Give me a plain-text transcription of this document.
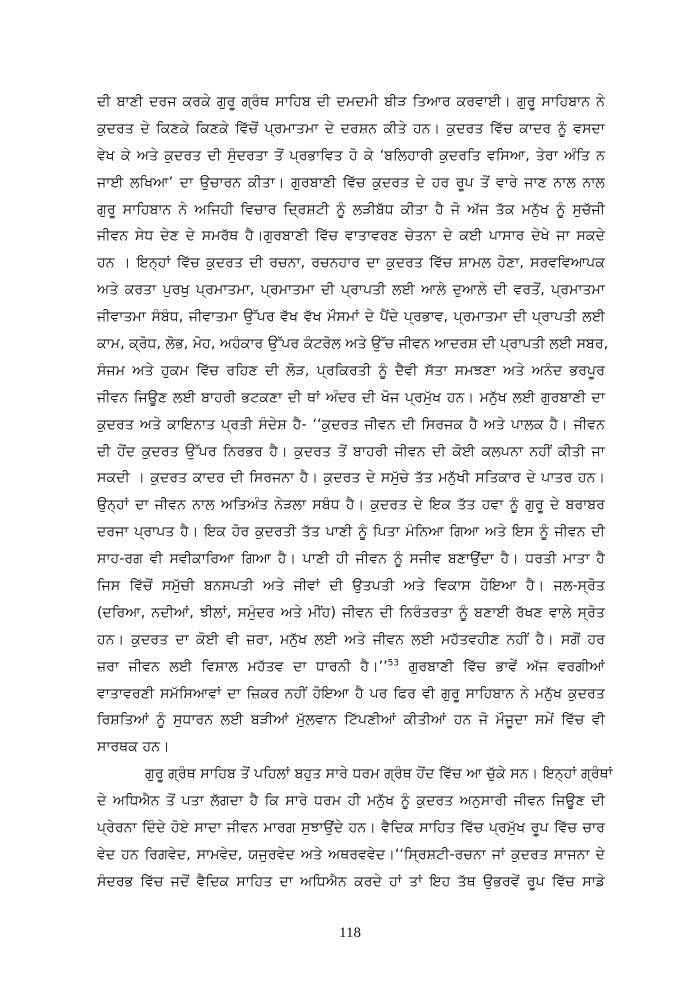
ਦੀ ਬਾਣੀ ਦਰਜ ਕਰਕੇ ਗੁਰੂ ਗ੍ਰੰਥ ਸਾਹਿਬ ਦੀ ਦਮਦਮੀ ਬੀੜ ਤਿਆਰ ਕਰਵਾਈ। ਗੁਰੂ ਸਾਹਿਬਾਨ ਨੇ
ਕੁਦਰਤ ਦੇ ਕਿਣਕੇ ਕਿਣਕੇ ਵਿੱਚੋਂ ਪ੍ਰਮਾਤਮਾ ਦੇ ਦਰਸ਼ਨ ਕੀਤੇ ਹਨ। ਕੁਦਰਤ ਵਿੱਚ ਕਾਦਰ ਨੂੰ ਵਸਦਾ
ਵੇਖ ਕੇ ਅਤੇ ਕੁਦਰਤ ਦੀ ਸੁੰਦਰਤਾ ਤੋਂ ਪ੍ਰਭਾਵਿਤ ਹੋ ਕੇ ‘ਬਲਿਹਾਰੀ ਕੁਦਰਤਿ ਵਸਿਆ, ਤੇਰਾ ਅੰਤਿ ਨ
ਜਾਈ ਲਖਿਆ’ ਦਾ ਉਚਾਰਨ ਕੀਤਾ। ਗੁਰਬਾਣੀ ਵਿੱਚ ਕੁਦਰਤ ਦੇ ਹਰ ਰੂਪ ਤੋਂ ਵਾਰੇ ਜਾਣ ਨਾਲ ਨਾਲ
ਗੁਰੂ ਸਾਹਿਬਾਨ ਨੇ ਅਜਿਹੀ ਵਿਚਾਰ ਦ੍ਰਿਸ਼ਟੀ ਨੂੰ ਲੜੀਬੱਧ ਕੀਤਾ ਹੈ ਜੋ ਅੱਜ ਤੱਕ ਮਨੁੱਖ ਨੂੰ ਸੁਚੱਜੀ
ਜੀਵਨ ਸੇਧ ਦੇਣ ਦੇ ਸਮਰੱਥ ਹੈ।ਗੁਰਬਾਣੀ ਵਿੱਚ ਵਾਤਾਵਰਣ ਚੇਤਨਾ ਦੇ ਕਈ ਪਾਸਾਰ ਦੇਖੇ ਜਾ ਸਕਦੇ
ਹਨ । ਇਨ੍ਹਾਂ ਵਿੱਚ ਕੁਦਰਤ ਦੀ ਰਚਨਾ, ਰਚਨਹਾਰ ਦਾ ਕੁਦਰਤ ਵਿੱਚ ਸ਼ਾਮਲ ਹੋਣਾ, ਸਰਵਵਿਆਪਕ
ਅਤੇ ਕਰਤਾ ਪੁਰਖੁ ਪ੍ਰਮਾਤਮਾ, ਪ੍ਰਮਾਤਮਾ ਦੀ ਪ੍ਰਾਪਤੀ ਲਈ ਆਲੇ ਦੁਆਲੇ ਦੀ ਵਰਤੋਂ, ਪ੍ਰਮਾਤਮਾ
ਜੀਵਾਤਮਾ ਸੰਬੰਧ, ਜੀਵਾਤਮਾ ਉੱਪਰ ਵੱਖ ਵੱਖ ਮੌਸਮਾਂ ਦੇ ਪੈਂਦੇ ਪ੍ਰਭਾਵ, ਪ੍ਰਮਾਤਮਾ ਦੀ ਪ੍ਰਾਪਤੀ ਲਈ
ਕਾਮ, ਕ੍ਰੋਧ, ਲੋਭ, ਮੋਹ, ਅਹੰਕਾਰ ਉੱਪਰ ਕੰਟਰੋਲ ਅਤੇ ਉੱਚ ਜੀਵਨ ਆਦਰਸ਼ ਦੀ ਪ੍ਰਾਪਤੀ ਲਈ ਸਬਰ,
ਸੰਜਮ ਅਤੇ ਹੁਕਮ ਵਿੱਚ ਰਹਿਣ ਦੀ ਲੋੜ, ਪ੍ਰਕਿਰਤੀ ਨੂੰ ਦੈਵੀ ਸੱਤਾ ਸਮਝਣਾ ਅਤੇ ਅਨੰਦ ਭਰਪੂਰ
ਜੀਵਨ ਜਿਊਣ ਲਈ ਬਾਹਰੀ ਭਟਕਣਾ ਦੀ ਥਾਂ ਅੰਦਰ ਦੀ ਖੋਜ ਪ੍ਰਮੁੱਖ ਹਨ। ਮਨੁੱਖ ਲਈ ਗੁਰਬਾਣੀ ਦਾ
ਕੁਦਰਤ ਅਤੇ ਕਾਇਨਾਤ ਪ੍ਰਤੀ ਸੰਦੇਸ਼ ਹੈ- ‘‘ਕੁਦਰਤ ਜੀਵਨ ਦੀ ਸਿਰਜਕ ਹੈ ਅਤੇ ਪਾਲਕ ਹੈ। ਜੀਵਨ
ਦੀ ਹੋਂਦ ਕੁਦਰਤ ਉੱਪਰ ਨਿਰਭਰ ਹੈ। ਕੁਦਰਤ ਤੋਂ ਬਾਹਰੀ ਜੀਵਨ ਦੀ ਕੋਈ ਕਲਪਨਾ ਨਹੀਂ ਕੀਤੀ ਜਾ
ਸਕਦੀ । ਕੁਦਰਤ ਕਾਦਰ ਦੀ ਸਿਰਜਨਾ ਹੈ। ਕੁਦਰਤ ਦੇ ਸਮੁੱਚੇ ਤੱਤ ਮਨੁੱਖੀ ਸਤਿਕਾਰ ਦੇ ਪਾਤਰ ਹਨ।
ਉਨ੍ਹਾਂ ਦਾ ਜੀਵਨ ਨਾਲ ਅਤਿਅੰਤ ਨੇੜਲਾ ਸਬੰਧ ਹੈ। ਕੁਦਰਤ ਦੇ ਇਕ ਤੱਤ ਹਵਾ ਨੂੰ ਗੁਰੂ ਦੇ ਬਰਾਬਰ
ਦਰਜਾ ਪ੍ਰਾਪਤ ਹੈ। ਇਕ ਹੋਰ ਕੁਦਰਤੀ ਤੱਤ ਪਾਣੀ ਨੂੰ ਪਿਤਾ ਮੰਨਿਆ ਗਿਆ ਅਤੇ ਇਸ ਨੂੰ ਜੀਵਨ ਦੀ
ਸਾਹ-ਰਗ ਵੀ ਸਵੀਕਾਰਿਆ ਗਿਆ ਹੈ। ਪਾਣੀ ਹੀ ਜੀਵਨ ਨੂੰ ਸਜੀਵ ਬਣਾਉਂਦਾ ਹੈ। ਧਰਤੀ ਮਾਤਾ ਹੈ
ਜਿਸ ਵਿੱਚੋਂ ਸਮੁੱਚੀ ਬਨਸਪਤੀ ਅਤੇ ਜੀਵਾਂ ਦੀ ਉਤਪਤੀ ਅਤੇ ਵਿਕਾਸ ਹੋਇਆ ਹੈ। ਜਲ-ਸ੍ਰੋਤ
(ਦਰਿਆ, ਨਦੀਆਂ, ਝੀਲਾਂ, ਸਮੁੰਦਰ ਅਤੇ ਮੀਂਹ) ਜੀਵਨ ਦੀ ਨਿਰੰਤਰਤਾ ਨੂੰ ਬਣਾਈ ਰੱਖਣ ਵਾਲੇ ਸ੍ਰੋਤ
ਹਨ। ਕੁਦਰਤ ਦਾ ਕੋਈ ਵੀ ਜ਼ਰਾ, ਮਨੁੱਖ ਲਈ ਅਤੇ ਜੀਵਨ ਲਈ ਮਹੱਤਵਹੀਣ ਨਹੀਂ ਹੈ। ਸਗੋਂ ਹਰ
ਜ਼ਰਾ ਜੀਵਨ ਲਈ ਵਿਸ਼ਾਲ ਮਹੱਤਵ ਦਾ ਧਾਰਨੀ ਹੈ।’’$^{53}$ ਗੁਰਬਾਣੀ ਵਿੱਚ ਭਾਵੇਂ ਅੱਜ ਵਰਗੀਆਂ
ਵਾਤਾਵਰਣੀ ਸਮੱਸਿਆਵਾਂ ਦਾ ਜ਼ਿਕਰ ਨਹੀਂ ਹੋਇਆ ਹੈ ਪਰ ਫਿਰ ਵੀ ਗੁਰੂ ਸਾਹਿਬਾਨ ਨੇ ਮਨੁੱਖ ਕੁਦਰਤ
ਰਿਸ਼ਤਿਆਂ ਨੂੰ ਸੁਧਾਰਨ ਲਈ ਬੜੀਆਂ ਮੁੱਲਵਾਨ ਟਿੱਪਣੀਆਂ ਕੀਤੀਆਂ ਹਨ ਜੋ ਮੌਜੂਦਾ ਸਮੇਂ ਵਿੱਚ ਵੀ
ਸਾਰਥਕ ਹਨ।
ਗੁਰੂ ਗ੍ਰੰਥ ਸਾਹਿਬ ਤੋਂ ਪਹਿਲਾਂ ਬਹੁਤ ਸਾਰੇ ਧਰਮ ਗ੍ਰੰਥ ਹੋਂਦ ਵਿੱਚ ਆ ਚੁੱਕੇ ਸਨ। ਇਨ੍ਹਾਂ ਗ੍ਰੰਥਾਂ
ਦੇ ਅਧਿਐਨ ਤੋਂ ਪਤਾ ਲੱਗਦਾ ਹੈ ਕਿ ਸਾਰੇ ਧਰਮ ਹੀ ਮਨੁੱਖ ਨੂੰ ਕੁਦਰਤ ਅਨੁਸਾਰੀ ਜੀਵਨ ਜਿਊਣ ਦੀ
ਪ੍ਰੇਰਨਾ ਦਿੰਦੇ ਹੋਏ ਸਾਦਾ ਜੀਵਨ ਮਾਰਗ ਸੁਝਾਉਂਦੇ ਹਨ। ਵੈਦਿਕ ਸਾਹਿਤ ਵਿੱਚ ਪ੍ਰਮੁੱਖ ਰੂਪ ਵਿੱਚ ਚਾਰ
ਵੇਦ ਹਨ ਰਿਗਵੇਦ, ਸਾਮਵੇਦ, ਯਜੁਰਵੇਦ ਅਤੇ ਅਥਰਵਵੇਦ।‘‘ਸ੍ਰਿਸ਼ਟੀ-ਰਚਨਾ ਜਾਂ ਕੁਦਰਤ ਸਾਜਨਾ ਦੇ
ਸੰਦਰਭ ਵਿੱਚ ਜਦੋਂ ਵੈਦਿਕ ਸਾਹਿਤ ਦਾ ਅਧਿਐਨ ਕਰਦੇ ਹਾਂ ਤਾਂ ਇਹ ਤੱਥ ਉਭਰਵੇਂ ਰੂਪ ਵਿੱਚ ਸਾਡੇ
118
